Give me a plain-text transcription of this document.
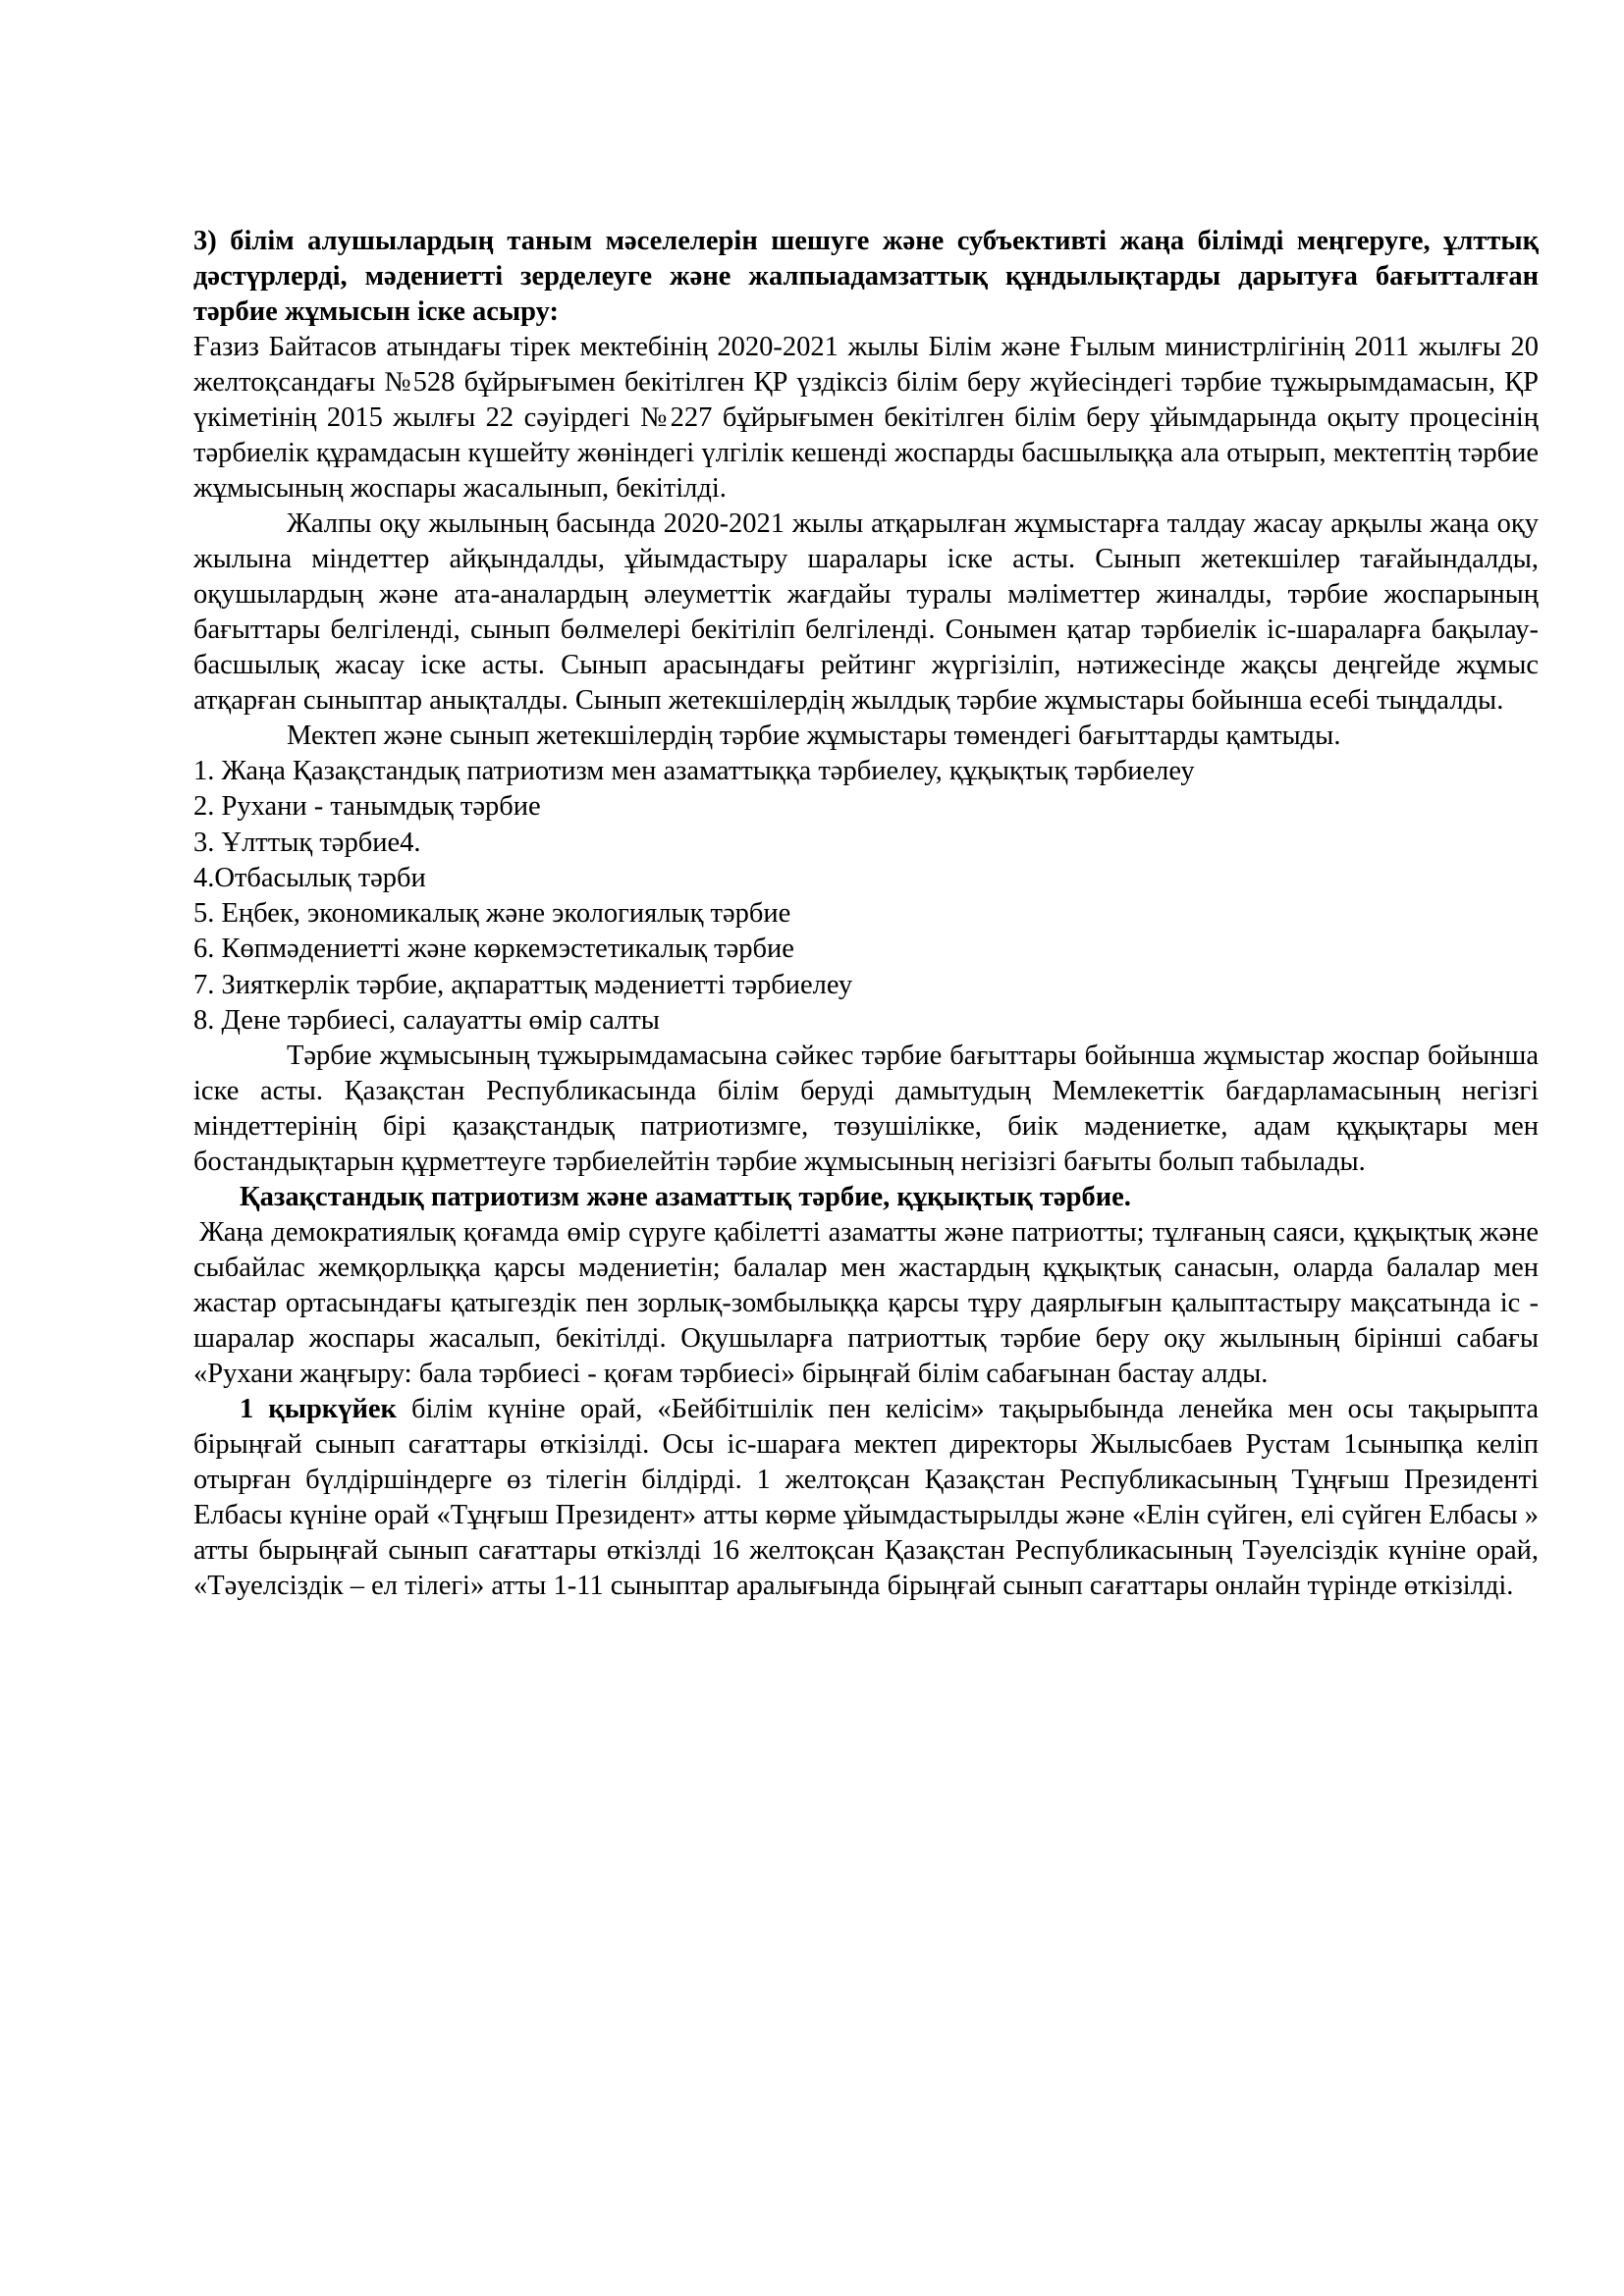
3) білім алушылардың таным мәселелерін шешуге және субъективті жаңа білімді меңгеруге, ұлттық дәстүрлерді, мәдениетті зерделеуге және жалпыадамзаттық құндылықтарды дарытуға бағытталған тәрбие жұмысын іске асыру:

Ғазиз Байтасов атындағы тірек мектебінің 2020-2021 жылы Білім және Ғылым министрлігінің 2011 жылғы 20 желтоқсандағы №528 бұйрығымен бекітілген ҚР үздіксіз білім беру жүйесіндегі тәрбие тұжырымдамасын, ҚР үкіметінің 2015 жылғы 22 сәуірдегі №227 бұйрығымен бекітілген білім беру ұйымдарында оқыту процесінің тәрбиелік құрамдасын күшейту жөніндегі үлгілік кешенді жоспарды басшылыққа ала отырып, мектептің тәрбие жұмысының жоспары жасалынып, бекітілді.

Жалпы оқу жылының басында 2020-2021 жылы атқарылған жұмыстарға талдау жасау арқылы жаңа оқу жылына міндеттер айқындалды, ұйымдастыру шаралары іске асты. Сынып жетекшілер тағайындалды, оқушылардың және ата-аналардың әлеуметтік жағдайы туралы мәліметтер жиналды, тәрбие жоспарының бағыттары белгіленді, сынып бөлмелері бекітіліп белгіленді. Сонымен қатар тәрбиелік іс-шараларға бақылау-басшылық жасау іске асты. Сынып арасындағы рейтинг жүргізіліп, нәтижесінде жақсы деңгейде жұмыс атқарған сыныптар анықталды. Сынып жетекшілердің жылдық тәрбие жұмыстары бойынша есебі тыңдалды.

Мектеп және сынып жетекшілердің тәрбие жұмыстары төмендегі бағыттарды қамтыды.

1. Жаңа Қазақстандық патриотизм мен азаматтыққа тәрбиелеу, құқықтық тәрбиелеу
2. Рухани - танымдық тәрбие
3. Ұлттық тәрбие4.
4.Отбасылық тәрби
5. Еңбек, экономикалық және экологиялық тәрбие
6. Көпмәдениетті және көркемэстетикалық тәрбие
7. Зияткерлік тәрбие, ақпараттық мәдениетті тәрбиелеу
8. Дене тәрбиесі, салауатты өмір салты

Тәрбие жұмысының тұжырымдамасына сәйкес тәрбие бағыттары бойынша жұмыстар жоспар бойынша іске асты. Қазақстан Республикасында білім беруді дамытудың Мемлекеттік бағдарламасының негізгі міндеттерінің бірі қазақстандық патриотизмге, төзушілікке, биік мәдениетке, адам құқықтары мен бостандықтарын құрметтеуге тәрбиелейтін тәрбие жұмысының негізізгі бағыты болып табылады.

Қазақстандық патриотизм және азаматтық тәрбие, құқықтық тәрбие.

Жаңа демократиялық қоғамда өмір сүруге қабілетті азаматты және патриотты; тұлғаның саяси, құқықтық және сыбайлас жемқорлыққа қарсы мәдениетін; балалар мен жастардың құқықтық санасын, оларда балалар мен жастар ортасындағы қатыгездік пен зорлық-зомбылыққа қарсы тұру даярлығын қалыптастыру мақсатында іс - шаралар жоспары жасалып, бекітілді. Оқушыларға патриоттық тәрбие беру оқу жылының бірінші сабағы «Рухани жаңғыру: бала тәрбиесі - қоғам тәрбиесі» бірыңғай білім сабағынан бастау алды.

1 қыркүйек білім күніне орай, «Бейбітшілік пен келісім» тақырыбында ленейка мен осы тақырыпта бірыңғай сынып сағаттары өткізілді. Осы іс-шараға мектеп директоры Жылысбаев Рустам 1сыныпқа келіп отырған бүлдіршіндерге өз тілегін білдірді. 1 желтоқсан Қазақстан Республикасының Тұңғыш Президенті Елбасы күніне орай «Тұңғыш Президент» атты көрме ұйымдастырылды және «Елін сүйген, елі сүйген Елбасы » атты бырыңғай сынып сағаттары өткізлді 16 желтоқсан Қазақстан Республикасының Тәуелсіздік күніне орай, «Тәуелсіздік – ел тілегі» атты 1-11 сыныптар аралығында бірыңғай сынып сағаттары онлайн түрінде өткізілді.
